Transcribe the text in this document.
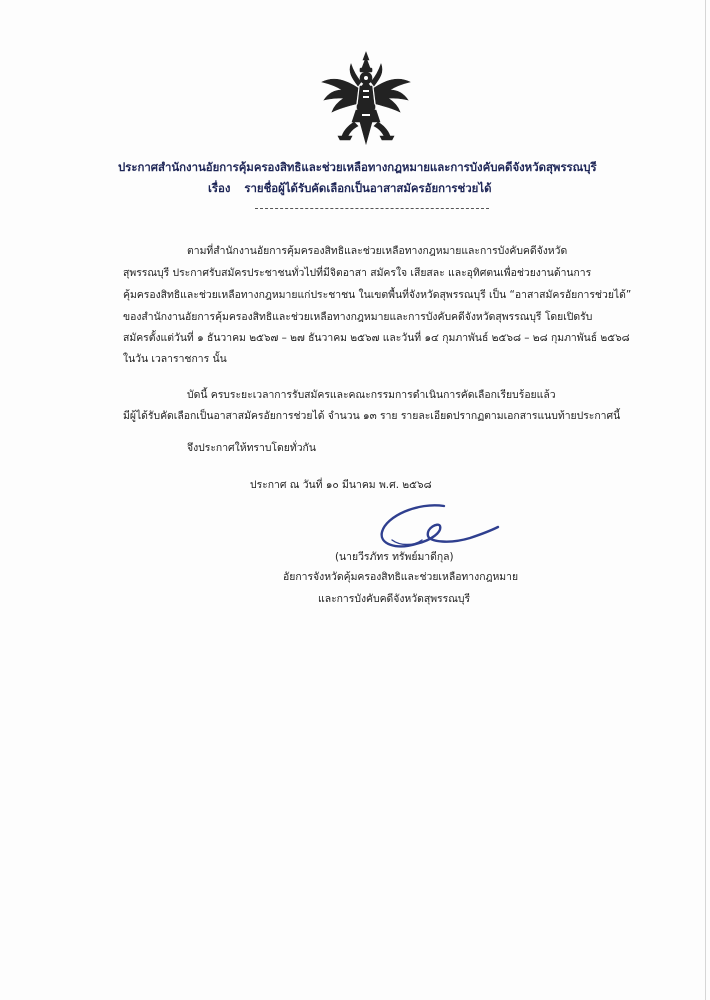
ประกาศสำนักงานอัยการคุ้มครองสิทธิและช่วยเหลือทางกฎหมายและการบังคับคดีจังหวัดสุพรรณบุรี
เรื่อง รายชื่อผู้ได้รับคัดเลือกเป็นอาสาสมัครอัยการช่วยได้
ตามที่สำนักงานอัยการคุ้มครองสิทธิและช่วยเหลือทางกฎหมายและการบังคับคดีจังหวัด
สุพรรณบุรี ประกาศรับสมัครประชาชนทั่วไปที่มีจิตอาสา สมัครใจ เสียสละ และอุทิศตนเพื่อช่วยงานด้านการ
คุ้มครองสิทธิและช่วยเหลือทางกฎหมายแก่ประชาชน ในเขตพื้นที่จังหวัดสุพรรณบุรี เป็น “อาสาสมัครอัยการช่วยได้”
ของสำนักงานอัยการคุ้มครองสิทธิและช่วยเหลือทางกฎหมายและการบังคับคดีจังหวัดสุพรรณบุรี โดยเปิดรับ
สมัครตั้งแต่วันที่ ๑ ธันวาคม ๒๕๖๗ – ๒๗ ธันวาคม ๒๕๖๗ และวันที่ ๑๔ กุมภาพันธ์ ๒๕๖๘ – ๒๘ กุมภาพันธ์ ๒๕๖๘
ในวัน เวลาราชการ นั้น
บัดนี้ ครบระยะเวลาการรับสมัครและคณะกรรมการดำเนินการคัดเลือกเรียบร้อยแล้ว
มีผู้ได้รับคัดเลือกเป็นอาสาสมัครอัยการช่วยได้ จำนวน ๑๓ ราย รายละเอียดปรากฏตามเอกสารแนบท้ายประกาศนี้
จึงประกาศให้ทราบโดยทั่วกัน
ประกาศ ณ วันที่ ๑๐ มีนาคม พ.ศ. ๒๕๖๘
(นายวีรภัทร ทรัพย์มาดีกุล)
อัยการจังหวัดคุ้มครองสิทธิและช่วยเหลือทางกฎหมาย
และการบังคับคดีจังหวัดสุพรรณบุรี
